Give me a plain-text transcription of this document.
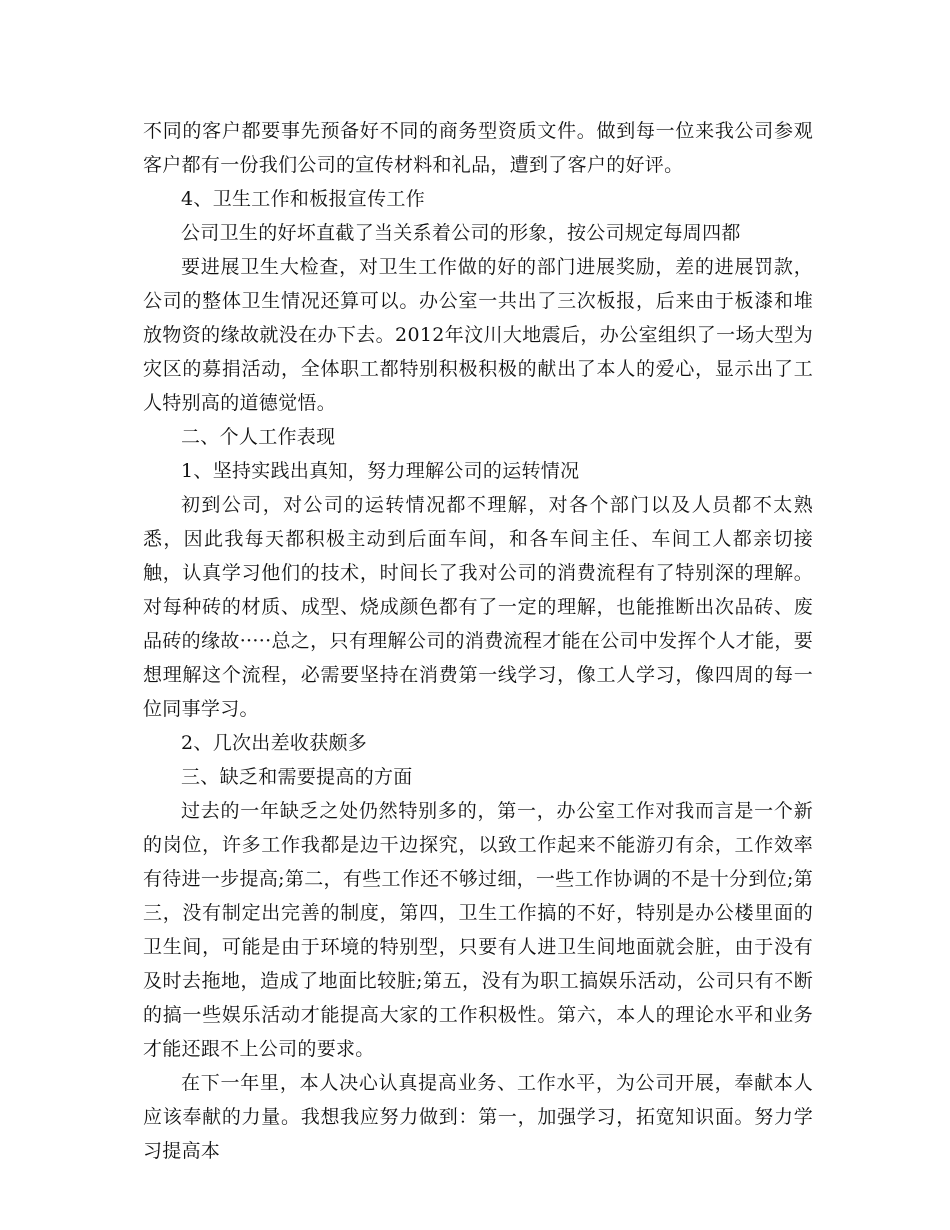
不同的客户都要事先预备好不同的商务型资质文件。做到每一位来我公司参观客户都有一份我们公司的宣传材料和礼品，遭到了客户的好评。

4、卫生工作和板报宣传工作

公司卫生的好坏直截了当关系着公司的形象，按公司规定每周四都

要进展卫生大检查，对卫生工作做的好的部门进展奖励，差的进展罚款，公司的整体卫生情况还算可以。办公室一共出了三次板报，后来由于板漆和堆放物资的缘故就没在办下去。2012年汶川大地震后，办公室组织了一场大型为灾区的募捐活动，全体职工都特别积极积极的献出了本人的爱心，显示出了工人特别高的道德觉悟。

二、个人工作表现

1、坚持实践出真知，努力理解公司的运转情况

初到公司，对公司的运转情况都不理解，对各个部门以及人员都不太熟悉，因此我每天都积极主动到后面车间，和各车间主任、车间工人都亲切接触，认真学习他们的技术，时间长了我对公司的消费流程有了特别深的理解。对每种砖的材质、成型、烧成颜色都有了一定的理解，也能推断出次品砖、废品砖的缘故·····总之，只有理解公司的消费流程才能在公司中发挥个人才能，要想理解这个流程，必需要坚持在消费第一线学习，像工人学习，像四周的每一位同事学习。

2、几次出差收获颇多

三、缺乏和需要提高的方面

过去的一年缺乏之处仍然特别多的，第一，办公室工作对我而言是一个新的岗位，许多工作我都是边干边探究，以致工作起来不能游刃有余，工作效率有待进一步提高;第二，有些工作还不够过细，一些工作协调的不是十分到位;第三，没有制定出完善的制度，第四，卫生工作搞的不好，特别是办公楼里面的卫生间，可能是由于环境的特别型，只要有人进卫生间地面就会脏，由于没有及时去拖地，造成了地面比较脏;第五，没有为职工搞娱乐活动，公司只有不断的搞一些娱乐活动才能提高大家的工作积极性。第六，本人的理论水平和业务才能还跟不上公司的要求。

在下一年里，本人决心认真提高业务、工作水平，为公司开展，奉献本人应该奉献的力量。我想我应努力做到：第一，加强学习，拓宽知识面。努力学习提高本
